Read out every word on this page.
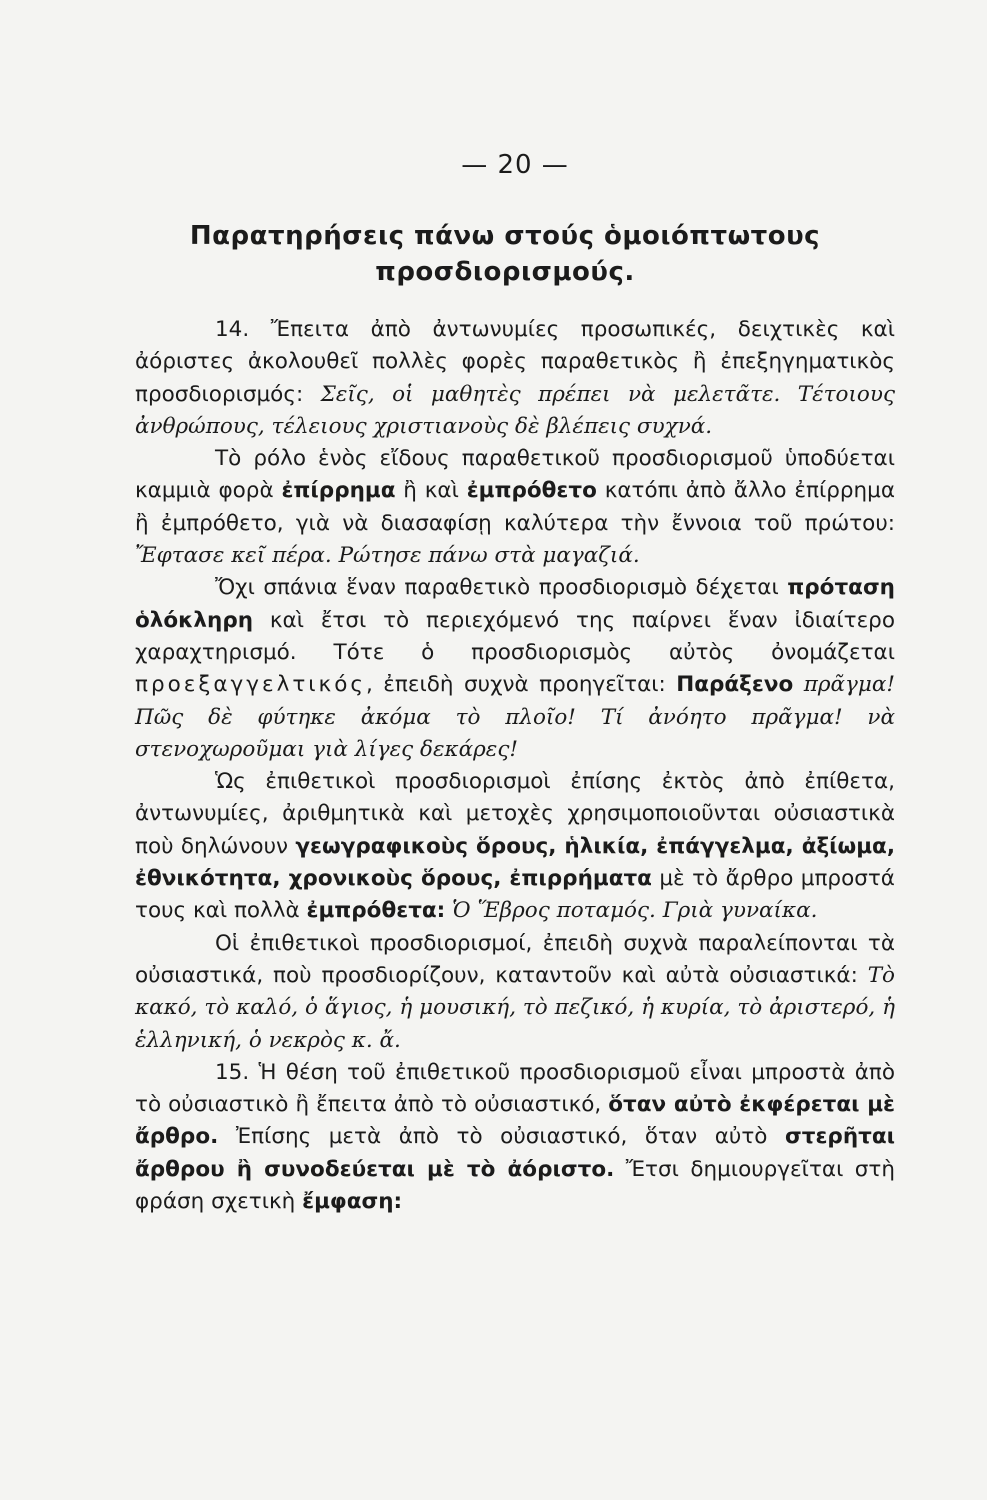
— 20 —
Παρατηρήσεις πάνω στούς ὁμοιόπτωτους
προσδιορισμούς.

14. Ἔπειτα ἀπὸ ἀντωνυμίες προσωπικές, δειχτικὲς καὶ ἀόριστες ἀκολουθεῖ πολλὲς φορὲς παραθετικὸς ἢ ἐπεξηγηματικὸς προσδιορισμός: Σεῖς, οἱ μαθητὲς πρέπει νὰ μελετᾶτε. Τέτοιους ἀνθρώπους, τέλειους χριστιανοὺς δὲ βλέπεις συχνά.

Τὸ ρόλο ἑνὸς εἴδους παραθετικοῦ προσδιορισμοῦ ὑποδύεται καμμιὰ φορὰ ἐπίρρημα ἢ καὶ ἐμπρόθετο κατόπι ἀπὸ ἄλλο ἐπίρρημα ἢ ἐμπρόθετο, γιὰ νὰ διασαφίσῃ καλύτερα τὴν ἔννοια τοῦ πρώτου: Ἔφτασε κεῖ πέρα. Ρώτησε πάνω στὰ μαγαζιά.

Ὄχι σπάνια ἕναν παραθετικὸ προσδιορισμὸ δέχεται πρόταση ὁλόκληρη καὶ ἔτσι τὸ περιεχόμενό της παίρνει ἕναν ἰδιαίτερο χαραχτηρισμό. Τότε ὁ προσδιορισμὸς αὐτὸς ὀνομάζεται προεξαγγελτικός, ἐπειδὴ συχνὰ προηγεῖται: Παράξενο πρᾶγμα! Πῶς δὲ φύτηκε ἀκόμα τὸ πλοῖο! Τί ἀνόητο πρᾶγμα! νὰ στενοχωροῦμαι γιὰ λίγες δεκάρες!

Ὡς ἐπιθετικοὶ προσδιορισμοὶ ἐπίσης ἐκτὸς ἀπὸ ἐπίθετα, ἀντωνυμίες, ἀριθμητικὰ καὶ μετοχὲς χρησιμοποιοῦνται οὐσιαστικὰ ποὺ δηλώνουν γεωγραφικοὺς ὅρους, ἡλικία, ἐπάγγελμα, ἀξίωμα, ἐθνικότητα, χρονικοὺς ὅρους, ἐπιρρήματα μὲ τὸ ἄρθρο μπροστά τους καὶ πολλὰ ἐμπρόθετα: Ὁ Ἕβρος ποταμός. Γριὰ γυναίκα.

Οἱ ἐπιθετικοὶ προσδιορισμοί, ἐπειδὴ συχνὰ παραλείπονται τὰ οὐσιαστικά, ποὺ προσδιορίζουν, καταντοῦν καὶ αὐτὰ οὐσιαστικά: Τὸ κακό, τὸ καλό, ὁ ἅγιος, ἡ μουσική, τὸ πεζικό, ἡ κυρία, τὸ ἀριστερό, ἡ ἑλληνική, ὁ νεκρὸς κ. ἄ.

15. Ἡ θέση τοῦ ἐπιθετικοῦ προσδιορισμοῦ εἶναι μπροστὰ ἀπὸ τὸ οὐσιαστικὸ ἢ ἔπειτα ἀπὸ τὸ οὐσιαστικό, ὅταν αὐτὸ ἐκφέρεται μὲ ἄρθρο. Ἐπίσης μετὰ ἀπὸ τὸ οὐσιαστικό, ὅταν αὐτὸ στερῆται ἄρθρου ἢ συνοδεύεται μὲ τὸ ἀόριστο. Ἔτσι δημιουργεῖται στὴ φράση σχετικὴ ἔμφαση:
